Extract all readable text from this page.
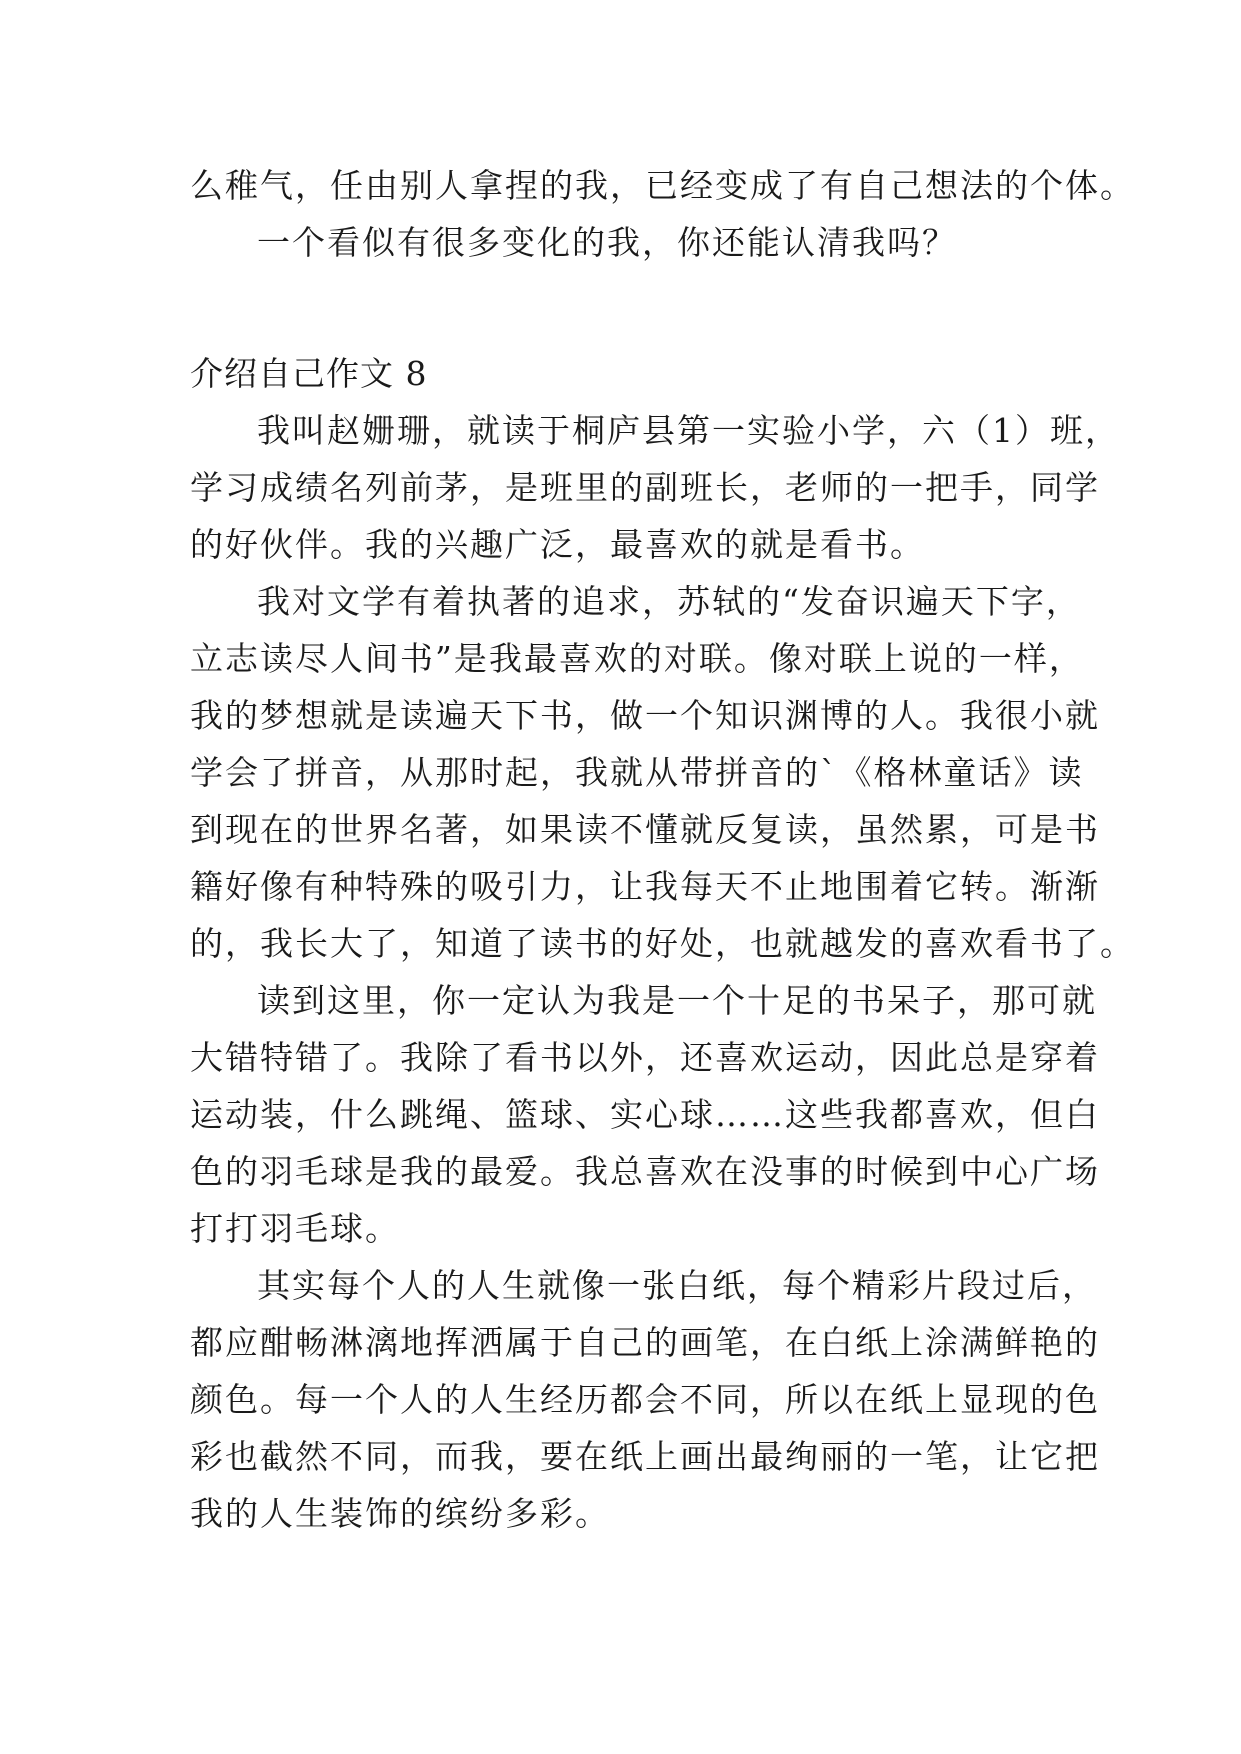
么稚气，任由别人拿捏的我，已经变成了有自己想法的个体。
一个看似有很多变化的我，你还能认清我吗？
介绍自己作文 8
我叫赵姗珊，就读于桐庐县第一实验小学，六（1）班，
学习成绩名列前茅，是班里的副班长，老师的一把手，同学
的好伙伴。我的兴趣广泛，最喜欢的就是看书。
我对文学有着执著的追求，苏轼的“发奋识遍天下字，
立志读尽人间书”是我最喜欢的对联。像对联上说的一样，
我的梦想就是读遍天下书，做一个知识渊博的人。我很小就
学会了拼音，从那时起，我就从带拼音的`《格林童话》读
到现在的世界名著，如果读不懂就反复读，虽然累，可是书
籍好像有种特殊的吸引力，让我每天不止地围着它转。渐渐
的，我长大了，知道了读书的好处，也就越发的喜欢看书了。
读到这里，你一定认为我是一个十足的书呆子，那可就
大错特错了。我除了看书以外，还喜欢运动，因此总是穿着
运动装，什么跳绳、篮球、实心球……这些我都喜欢，但白
色的羽毛球是我的最爱。我总喜欢在没事的时候到中心广场
打打羽毛球。
其实每个人的人生就像一张白纸，每个精彩片段过后，
都应酣畅淋漓地挥洒属于自己的画笔，在白纸上涂满鲜艳的
颜色。每一个人的人生经历都会不同，所以在纸上显现的色
彩也截然不同，而我，要在纸上画出最绚丽的一笔，让它把
我的人生装饰的缤纷多彩。
